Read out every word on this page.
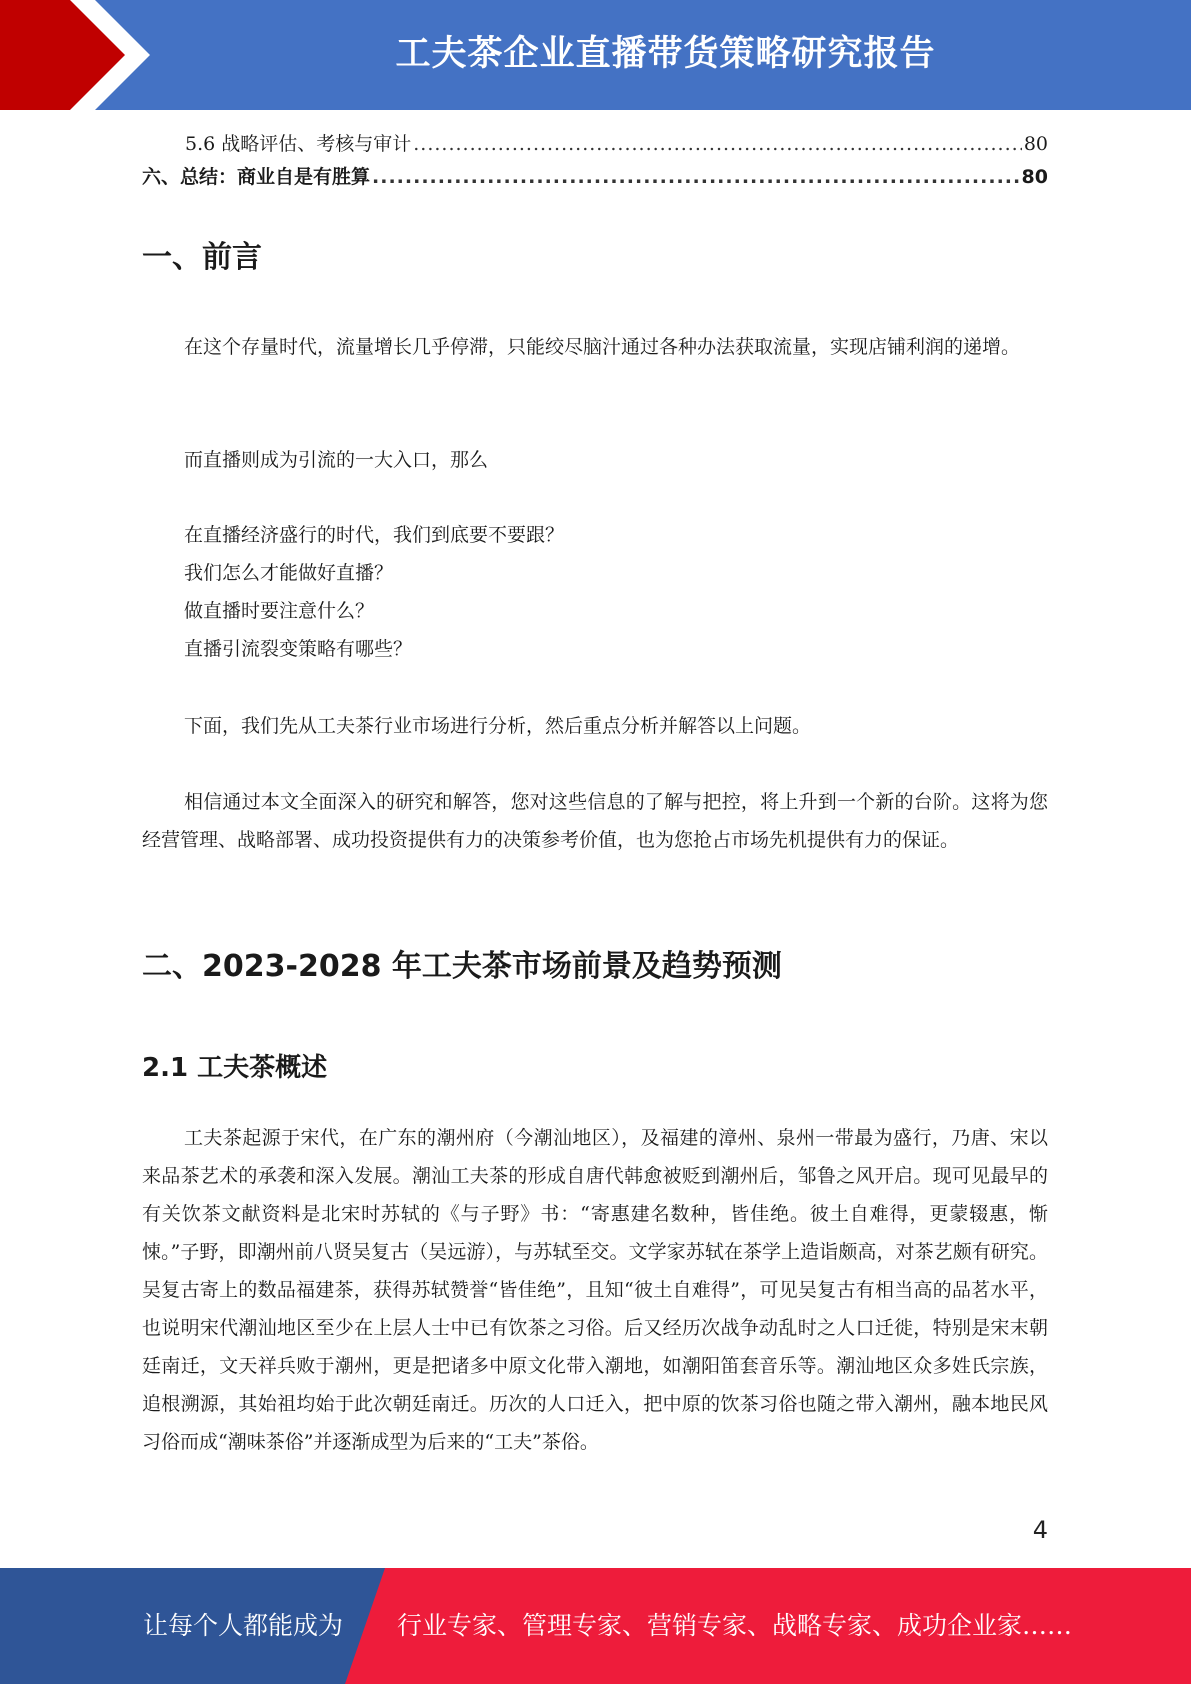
工夫茶企业直播带货策略研究报告
5.6 战略评估、考核与审计 .....	80
六、总结：商业自是有胜算 .....	80
一、前言

在这个存量时代，流量增长几乎停滞，只能绞尽脑汁通过各种办法获取流量，实现店铺利润的递增。

而直播则成为引流的一大入口，那么

在直播经济盛行的时代，我们到底要不要跟？

我们怎么才能做好直播？

做直播时要注意什么？

直播引流裂变策略有哪些？

下面，我们先从工夫茶行业市场进行分析，然后重点分析并解答以上问题。

相信通过本文全面深入的研究和解答，您对这些信息的了解与把控，将上升到一个新的台阶。这将为您经营管理、战略部署、成功投资提供有力的决策参考价值，也为您抢占市场先机提供有力的保证。

二、2023-2028 年工夫茶市场前景及趋势预测
2.1 工夫茶概述

工夫茶起源于宋代，在广东的潮州府（今潮汕地区），及福建的漳州、泉州一带最为盛行，乃唐、宋以来品茶艺术的承袭和深入发展。潮汕工夫茶的形成自唐代韩愈被贬到潮州后，邹鲁之风开启。现可见最早的有关饮茶文献资料是北宋时苏轼的《与子野》书：“寄惠建名数种，皆佳绝。彼土自难得，更蒙辍惠，惭悚。”子野，即潮州前八贤吴复古（吴远游），与苏轼至交。文学家苏轼在茶学上造诣颇高，对茶艺颇有研究。吴复古寄上的数品福建茶，获得苏轼赞誉“皆佳绝”，且知“彼土自难得”，可见吴复古有相当高的品茗水平，也说明宋代潮汕地区至少在上层人士中已有饮茶之习俗。后又经历次战争动乱时之人口迁徙，特别是宋末朝廷南迁，文天祥兵败于潮州，更是把诸多中原文化带入潮地，如潮阳笛套音乐等。潮汕地区众多姓氏宗族，追根溯源，其始祖均始于此次朝廷南迁。历次的人口迁入，把中原的饮茶习俗也随之带入潮州，融本地民风习俗而成“潮味茶俗”并逐渐成型为后来的“工夫”茶俗。

4
让每个人都能成为 行业专家、管理专家、营销专家、战略专家、成功企业家……
